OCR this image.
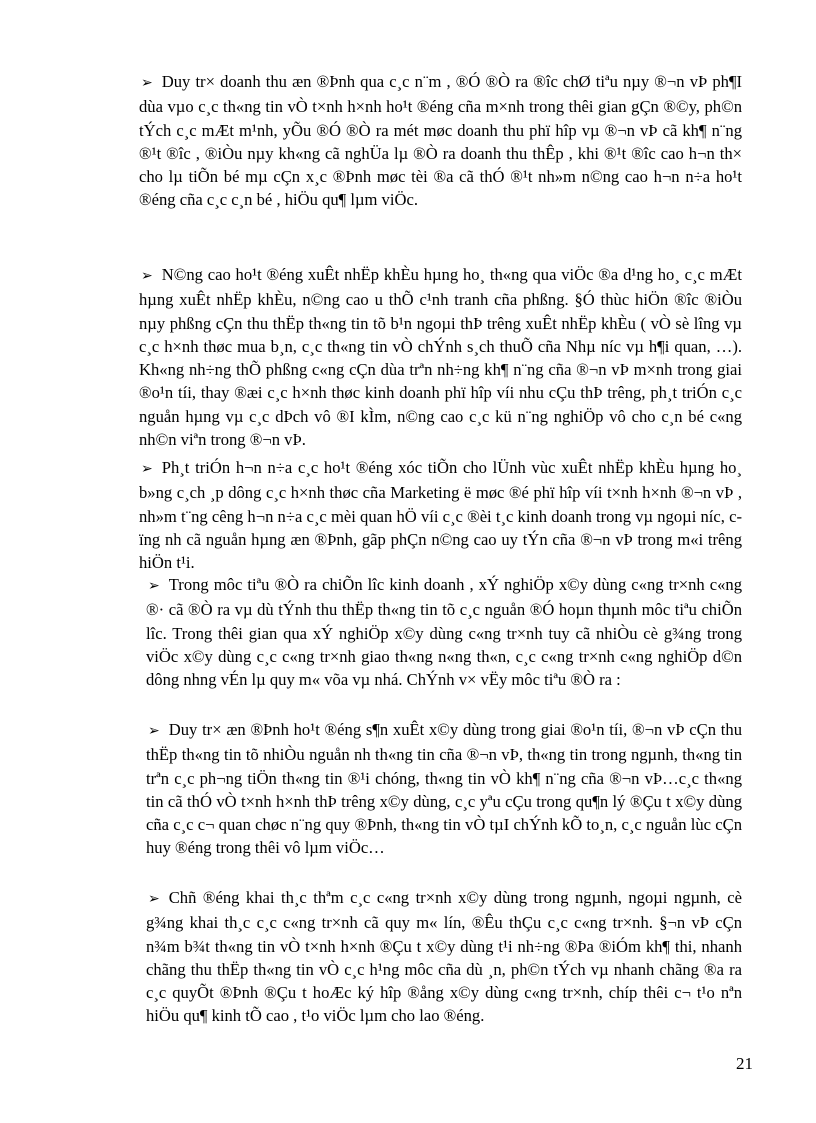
➢ Duy tr× doanh thu æn ®Þnh qua c¸c n¨m , ®Ó ®Ò ra ®îc chØ tiªu nµy ®¬n vÞ ph¶I dùa vµo c¸c th«ng tin vÒ t×nh h×nh ho¹t ®éng cña m×nh trong thêi gian gÇn ®©y, ph©n tÝch c¸c mÆt m¹nh, yÕu ®Ó ®Ò ra mét møc doanh thu phï hîp vµ ®¬n vÞ cã kh¶ n¨ng ®¹t ®îc , ®iÒu nµy kh«ng cã nghÜa lµ ®Ò ra doanh thu thÊp , khi ®¹t ®îc cao h¬n th× cho lµ tiÕn bé mµ cÇn x¸c ®Þnh møc tèi ®a cã thÓ ®¹t nh»m n©ng cao h¬n n÷a ho¹t ®éng cña c¸c c¸n bé , hiÖu qu¶ lµm viÖc.

➢ N©ng cao ho¹t ®éng xuÊt nhËp khÈu hµng ho¸ th«ng qua viÖc ®a d¹ng ho¸ c¸c mÆt hµng xuÊt nhËp khÈu, n©ng cao u thÕ c¹nh tranh cña phßng. §Ó thùc hiÖn ®îc ®iÒu nµy phßng cÇn thu thËp th«ng tin tõ b¹n ngoµi thÞ trêng xuÊt nhËp khÈu ( vÒ sè lîng vµ c¸c h×nh thøc mua b¸n, c¸c th«ng tin vÒ chÝnh s¸ch thuÕ cña Nhµ níc vµ h¶i quan, …). Kh«ng nh÷ng thÕ phßng c«ng cÇn dùa trªn nh÷ng kh¶ n¨ng cña ®¬n vÞ m×nh trong giai ®o¹n tíi, thay ®æi c¸c h×nh thøc kinh doanh phï hîp víi nhu cÇu thÞ trêng, ph¸t triÓn c¸c nguån hµng vµ c¸c dÞch vô ®I kÌm, n©ng cao c¸c kü n¨ng nghiÖp vô cho c¸n bé c«ng nh©n viªn trong ®¬n vÞ.

➢ Ph¸t triÓn h¬n n÷a c¸c ho¹t ®éng xóc tiÕn cho lÜnh vùc xuÊt nhËp khÈu hµng ho¸ b»ng c¸ch ¸p dông c¸c h×nh thøc cña Marketing ë møc ®é phï hîp víi t×nh h×nh ®¬n vÞ , nh»m t¨ng cêng h¬n n÷a c¸c mèi quan hÖ víi c¸c ®èi t¸c kinh doanh trong vµ ngoµi níc, cïng nh cã nguån hµng æn ®Þnh, gãp phÇn n©ng cao uy tÝn cña ®¬n vÞ trong m«i trêng hiÖn t¹i.

➢ Trong môc tiªu ®Ò ra chiÕn lîc kinh doanh , xÝ nghiÖp x©y dùng c«ng tr×nh c«ng ®· cã ®Ò ra vµ dù tÝnh thu thËp th«ng tin tõ c¸c nguån ®Ó hoµn thµnh môc tiªu chiÕn lîc. Trong thêi gian qua xÝ nghiÖp x©y dùng c«ng tr×nh tuy cã nhiÒu cè g¾ng trong viÖc x©y dùng c¸c c«ng tr×nh giao th«ng n«ng th«n, c¸c c«ng tr×nh c«ng nghiÖp d©n dông nhng vÉn lµ quy m« võa vµ nhá. ChÝnh v× vËy môc tiªu ®Ò ra :

➢ Duy tr× æn ®Þnh ho¹t ®éng s¶n xuÊt x©y dùng trong giai ®o¹n tíi, ®¬n vÞ cÇn thu thËp th«ng tin tõ nhiÒu nguån nh th«ng tin cña ®¬n vÞ, th«ng tin trong ngµnh, th«ng tin trªn c¸c ph¬ng tiÖn th«ng tin ®¹i chóng, th«ng tin vÒ kh¶ n¨ng cña ®¬n vÞ…c¸c th«ng tin cã thÓ vÒ t×nh h×nh thÞ trêng x©y dùng, c¸c yªu cÇu trong qu¶n lý ®Çu t x©y dùng cña c¸c c¬ quan chøc n¨ng quy ®Þnh, th«ng tin vÒ tµI chÝnh kÕ to¸n, c¸c nguån lùc cÇn huy ®éng trong thêi vô lµm viÖc…

➢ Chñ ®éng khai th¸c thªm c¸c c«ng tr×nh x©y dùng trong ngµnh, ngoµi ngµnh, cè g¾ng khai th¸c c¸c c«ng tr×nh cã quy m« lín, ®Êu thÇu c¸c c«ng tr×nh. §¬n vÞ cÇn n¾m b¾t th«ng tin vÒ t×nh h×nh ®Çu t x©y dùng t¹i nh÷ng ®Þa ®iÓm kh¶ thi, nhanh chãng thu thËp th«ng tin vÒ c¸c h¹ng môc cña dù ¸n, ph©n tÝch vµ nhanh chãng ®a ra c¸c quyÕt ®Þnh ®Çu t hoÆc ký hîp ®ång x©y dùng c«ng tr×nh, chíp thêi c¬ t¹o nªn hiÖu qu¶ kinh tÕ cao , t¹o viÖc lµm cho lao ®éng.

21
